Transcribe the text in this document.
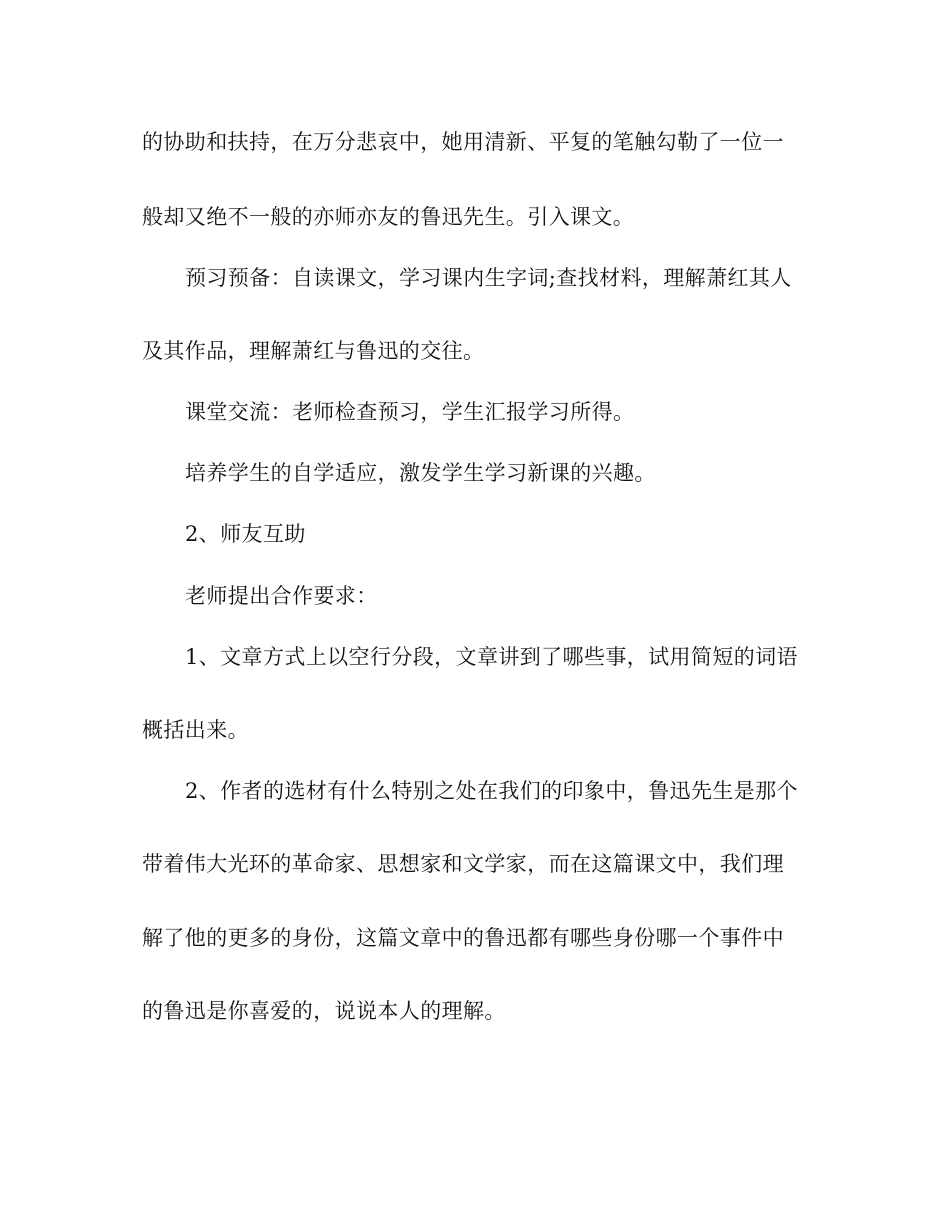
的协助和扶持，在万分悲哀中，她用清新、平复的笔触勾勒了一位一
般却又绝不一般的亦师亦友的鲁迅先生。引入课文。
预习预备：自读课文，学习课内生字词;查找材料，理解萧红其人
及其作品，理解萧红与鲁迅的交往。
课堂交流：老师检查预习，学生汇报学习所得。
培养学生的自学适应，激发学生学习新课的兴趣。
2、师友互助
老师提出合作要求：
1、文章方式上以空行分段，文章讲到了哪些事，试用简短的词语
概括出来。
2、作者的选材有什么特别之处在我们的印象中，鲁迅先生是那个
带着伟大光环的革命家、思想家和文学家，而在这篇课文中，我们理
解了他的更多的身份，这篇文章中的鲁迅都有哪些身份哪一个事件中
的鲁迅是你喜爱的，说说本人的理解。
